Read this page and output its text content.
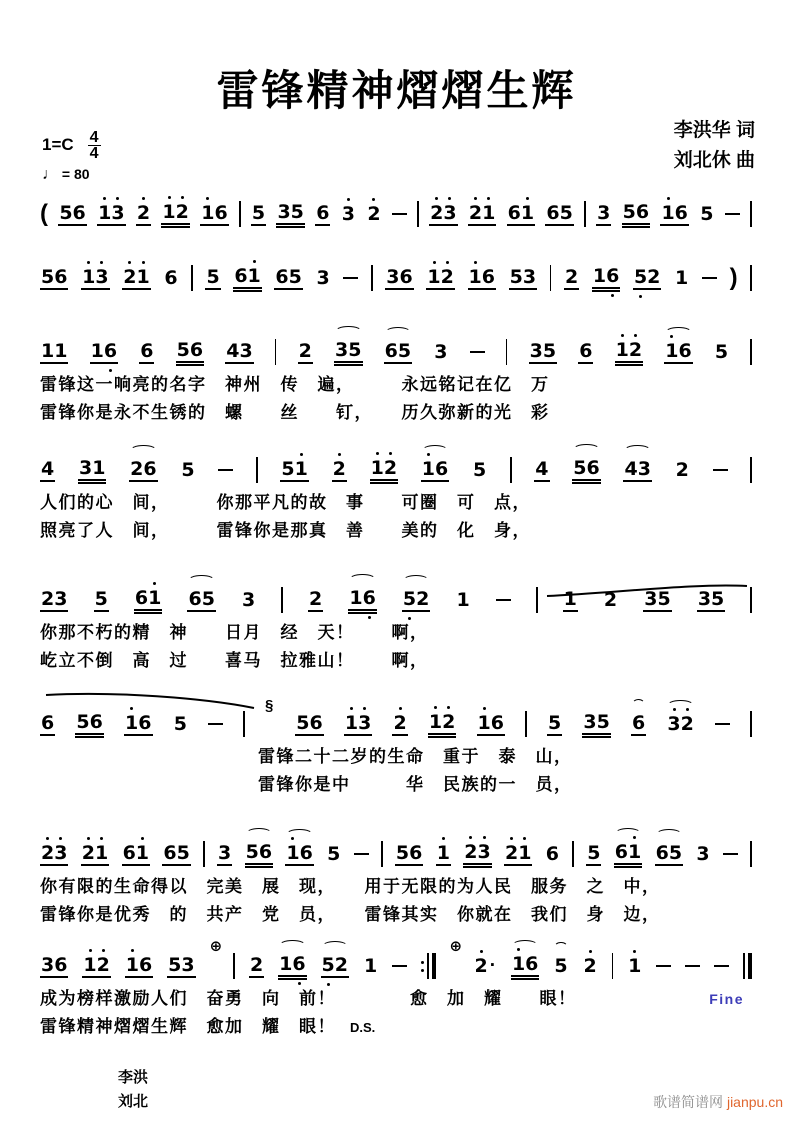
雷锋精神熠熠生辉
李洪华 词
刘北休 曲
$1=C \frac{4}{4}$
♩ = 80
( 5 6 1 3 2 1 2 1 6 5 3 5 6 3 2	2 3 2 1 6 1 6 5 3 5 6 1 6 5
5 6 1 3 2 1 6 5 6 1 6 5 3	3 6 1 2 1 6 5 3 2 1 6 5 2 1 )
1 1 1 6 6 5 6 4 3 2 3 5 6 5 3	3 5 6 1 2 1 6 5
雷锋这一响亮的名字　神州　传　遍，　　　永远铭记在亿　万
雷锋你是永不生锈的　螺　　丝　　钉，　　历久弥新的光　彩
4 3 1 2 6 5	5 1 2 1 2 1 6 5	4 5 6 4 3 2
人们的心　间，　　　你那平凡的故　事　　可圈　可　点，
照亮了人　间，　　　雷锋你是那真　善　　美的　化　身，
2 3 5 6 1 6 5 3	2 1 6 5 2 1	1 2 3 5 3 5
你那不朽的精　神　　日月　经　天！　　啊，
屹立不倒　高　过　　喜马　拉雅山！　　啊，
6 5 6 1 6 5
§
5 6 1 3 2 1 2 1 6 5 3 5 6 3 2
雷锋二十二岁的生命　重于　泰　山，
雷锋你是中　　　华　民族的一　员，
2 3 2 1 6 1 6 5 3 5 6 1 6 5	5 6 1 2 3 2 1 6 5 6 1 6 5 3
你有限的生命得以　完美　展　现，　　用于无限的为人民　服务　之　中，
雷锋你是优秀　的　共产　党　员，　　雷锋其实　你就在　我们　身　边，
3 6 1 2 1 6 5 3
⊕
2 1 6 5 2 1
⊕
2 · 1 6 5 2 1
成为榜样激励人们　奋勇　向　前！　　　　愈　加　耀　　眼！	Fine
雷锋精神熠熠生辉　愈加　耀　眼！ D.S.
李洪
刘北	歌谱简谱网 jianpu.cn
